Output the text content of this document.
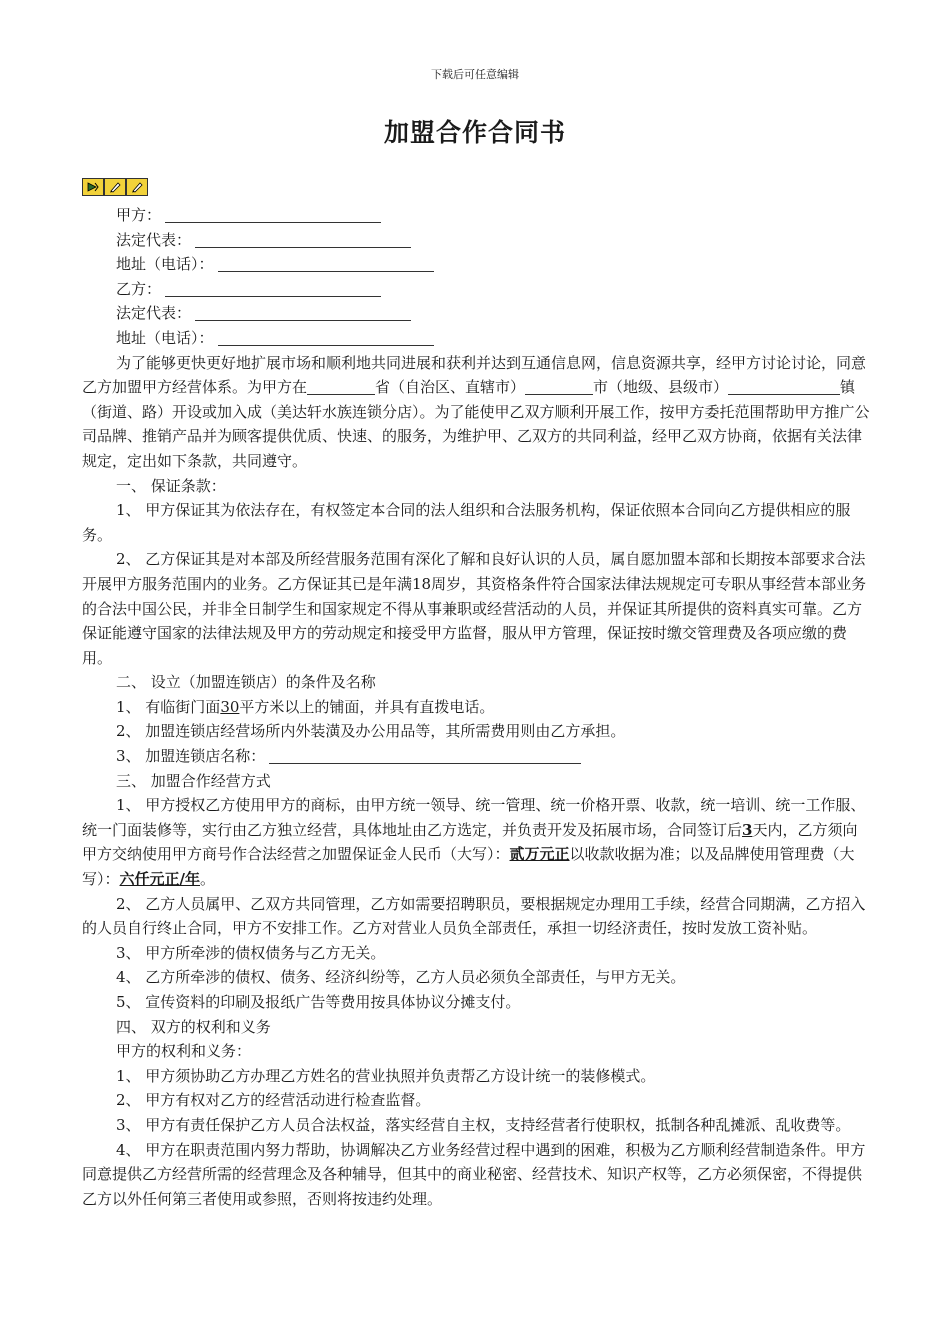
下载后可任意编辑
加盟合作合同书

甲方：

法定代表：

地址（电话）：

乙方：

法定代表：

地址（电话）：

为了能够更快更好地扩展市场和顺利地共同进展和获利并达到互通信息网，信息资源共享，经甲方讨论讨论，同意乙方加盟甲方经营体系。为甲方在	省（自治区、直辖市）	市（地级、县级市）	镇（街道、路）开设或加入成（美达轩水族连锁分店）。为了能使甲乙双方顺利开展工作，按甲方委托范围帮助甲方推广公司品牌、推销产品并为顾客提供优质、快速、的服务，为维护甲、乙双方的共同利益，经甲乙双方协商，依据有关法律规定，定出如下条款，共同遵守。

一、 保证条款：

1、 甲方保证其为依法存在，有权签定本合同的法人组织和合法服务机构，保证依照本合同向乙方提供相应的服务。

2、 乙方保证其是对本部及所经营服务范围有深化了解和良好认识的人员，属自愿加盟本部和长期按本部要求合法开展甲方服务范围内的业务。乙方保证其已是年满18周岁，其资格条件符合国家法律法规规定可专职从事经营本部业务的合法中国公民，并非全日制学生和国家规定不得从事兼职或经营活动的人员，并保证其所提供的资料真实可靠。乙方保证能遵守国家的法律法规及甲方的劳动规定和接受甲方监督，服从甲方管理，保证按时缴交管理费及各项应缴的费用。

二、 设立（加盟连锁店）的条件及名称

1、 有临街门面30平方米以上的铺面，并具有直拨电话。

2、 加盟连锁店经营场所内外装潢及办公用品等，其所需费用则由乙方承担。

3、 加盟连锁店名称：

三、 加盟合作经营方式

1、 甲方授权乙方使用甲方的商标，由甲方统一领导、统一管理、统一价格开票、收款，统一培训、统一工作服、统一门面装修等，实行由乙方独立经营，具体地址由乙方选定，并负责开发及拓展市场，合同签订后3天内，乙方须向甲方交纳使用甲方商号作合法经营之加盟保证金人民币（大写）：贰万元正以收款收据为准；以及品牌使用管理费（大写）：六仟元正/年。

2、 乙方人员属甲、乙双方共同管理，乙方如需要招聘职员，要根据规定办理用工手续，经营合同期满，乙方招入的人员自行终止合同，甲方不安排工作。乙方对营业人员负全部责任，承担一切经济责任，按时发放工资补贴。

3、 甲方所牵涉的债权债务与乙方无关。

4、 乙方所牵涉的债权、债务、经济纠纷等，乙方人员必须负全部责任，与甲方无关。

5、 宣传资料的印刷及报纸广告等费用按具体协议分摊支付。

四、 双方的权利和义务

甲方的权利和义务：

1、 甲方须协助乙方办理乙方姓名的营业执照并负责帮乙方设计统一的装修模式。

2、 甲方有权对乙方的经营活动进行检查监督。

3、 甲方有责任保护乙方人员合法权益，落实经营自主权，支持经营者行使职权，抵制各种乱摊派、乱收费等。

4、 甲方在职责范围内努力帮助，协调解决乙方业务经营过程中遇到的困难，积极为乙方顺利经营制造条件。甲方同意提供乙方经营所需的经营理念及各种辅导，但其中的商业秘密、经营技术、知识产权等，乙方必须保密，不得提供乙方以外任何第三者使用或参照，否则将按违约处理。
